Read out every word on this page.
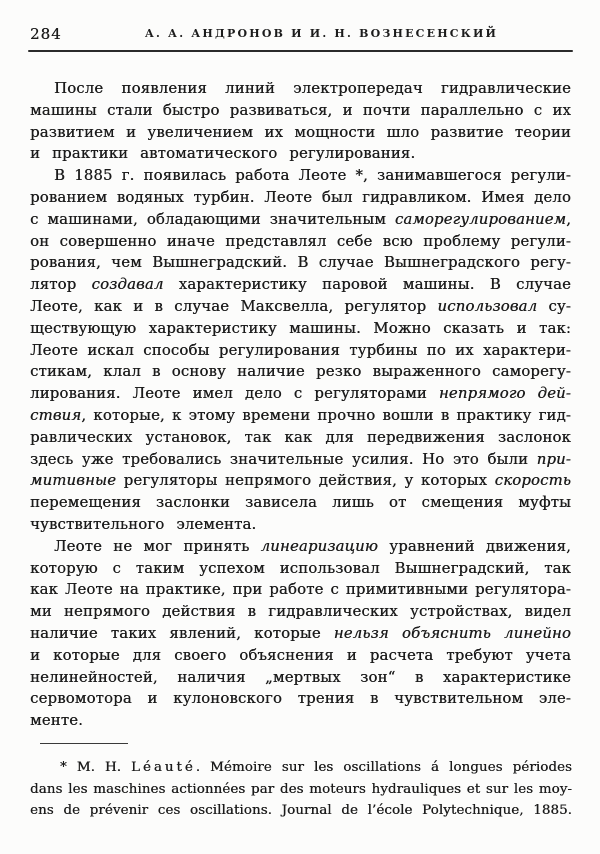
284	А. А. АНДРОНОВ И И. Н. ВОЗНЕСЕНСКИЙ
После появления линий электропередач гидравлические
машины стали быстро развиваться, и почти параллельно с их
развитием и увеличением их мощности шло развитие теории
и практики автоматического регулирования.
В 1885 г. появилась работа Леоте *, занимавшегося регули-
рованием водяных турбин. Леоте был гидравликом. Имея дело
с машинами, обладающими значительным саморегулированием,
он совершенно иначе представлял себе всю проблему регули-
рования, чем Вышнеградский. В случае Вышнеградского регу-
лятор создавал характеристику паровой машины. В случае
Леоте, как и в случае Максвелла, регулятор использовал су-
ществующую характеристику машины. Можно сказать и так:
Леоте искал способы регулирования турбины по их характери-
стикам, клал в основу наличие резко выраженного саморегу-
лирования. Леоте имел дело с регуляторами непрямого дей-
ствия, которые, к этому времени прочно вошли в практику гид-
равлических установок, так как для передвижения заслонок
здесь уже требовались значительные усилия. Но это были при-
митивные регуляторы непрямого действия, у которых скорость
перемещения заслонки зависела лишь от смещения муфты
чувствительного элемента.
Леоте не мог принять линеаризацию уравнений движения,
которую с таким успехом использовал Вышнеградский, так
как Леоте на практике, при работе с примитивными регулятора-
ми непрямого действия в гидравлических устройствах, видел
наличие таких явлений, которые нельзя объяснить линейно
и которые для своего объяснения и расчета требуют учета
нелинейностей, наличия „мертвых зон“ в характеристике
сервомотора и кулоновского трения в чувствительном эле-
менте.
* M. H. Léauté. Mémoire sur les oscillations á longues périodes
dans les maschines actionnées par des moteurs hydrauliques et sur les moy-
ens de prévenir ces oscillations. Journal de l’école Polytechnique, 1885.
